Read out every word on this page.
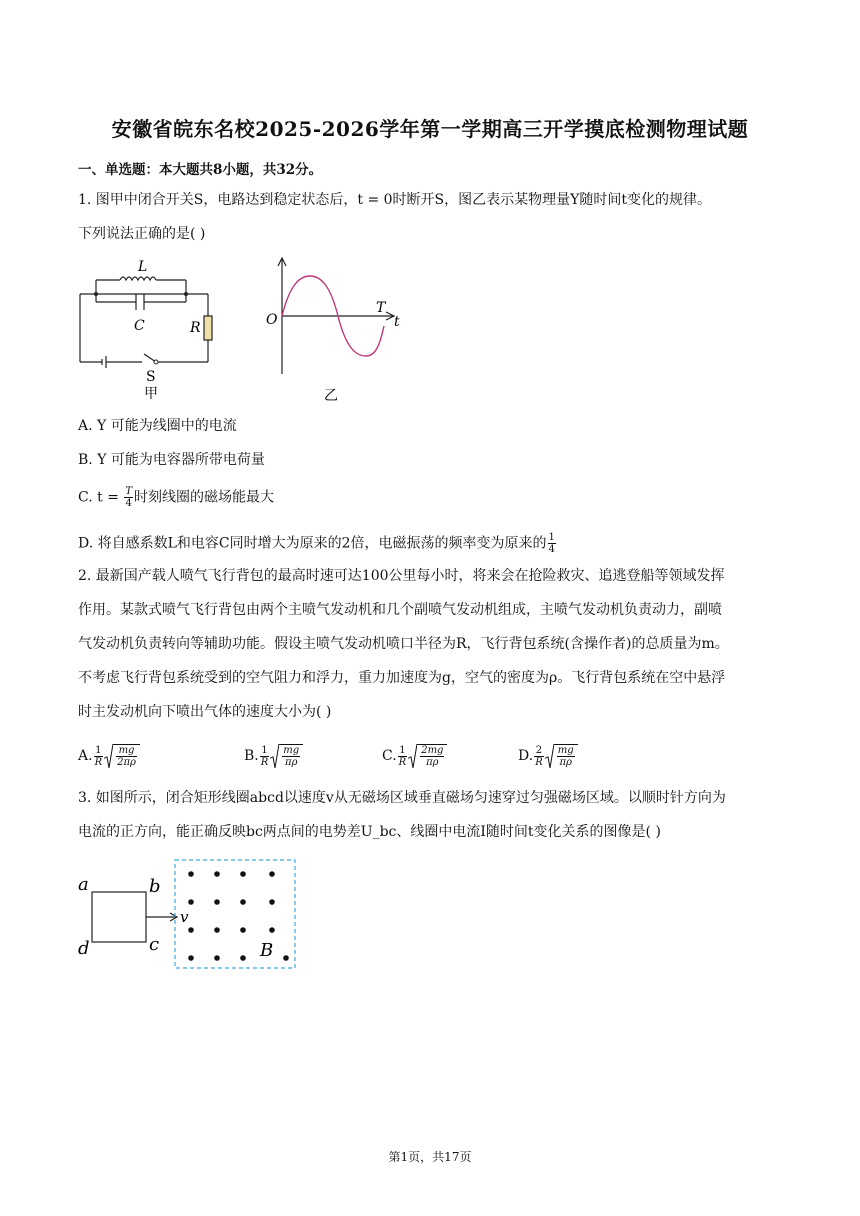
安徽省皖东名校2025-2026学年第一学期高三开学摸底检测物理试题
一、单选题：本大题共8小题，共32分。
1. 图甲中闭合开关S，电路达到稳定状态后，t = 0时断开S，图乙表示某物理量Y随时间t变化的规律。
下列说法正确的是( )
L
C	R
S
甲
O
T
t
乙
A. Y 可能为线圈中的电流
B. Y 可能为电容器所带电荷量
C. $t = \frac{T}{4}$ 时刻线圈的磁场能最大
D. 将自感系数L和电容C同时增大为原来的2倍，电磁振荡的频率变为原来的 $\frac{1}{4}$
2. 最新国产载人喷气飞行背包的最高时速可达100公里每小时，将来会在抢险救灾、追逃登船等领域发挥
作用。某款式喷气飞行背包由两个主喷气发动机和几个副喷气发动机组成，主喷气发动机负责动力，副喷
气发动机负责转向等辅助功能。假设主喷气发动机喷口半径为R，飞行背包系统(含操作者)的总质量为m。
不考虑飞行背包系统受到的空气阻力和浮力，重力加速度为g，空气的密度为ρ。飞行背包系统在空中悬浮
时主发动机向下喷出气体的速度大小为( )
A. $\frac{1}{R} \frac{mg}{2\pi\rho}$	B. $\frac{1}{R} \frac{mg}{\pi\rho}$	C. $\frac{1}{R} \frac{2mg}{\pi\rho}$	D. $\frac{2}{R} \frac{mg}{\pi\rho}$
3. 如图所示，闭合矩形线圈abcd以速度v从无磁场区域垂直磁场匀速穿过匀强磁场区域。以顺时针方向为
电流的正方向，能正确反映bc两点间的电势差U_bc、线圈中电流I随时间t变化关系的图像是( )
a	b
c
d
v
B
第1页，共17页
